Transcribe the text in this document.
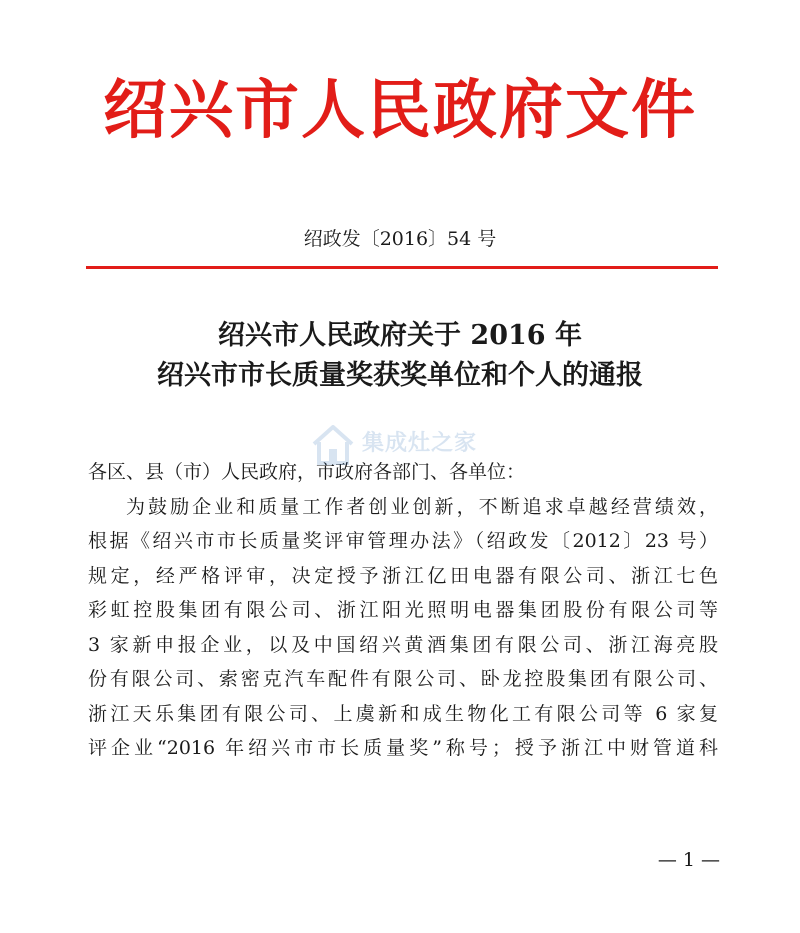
绍兴市人民政府文件
绍政发〔2016〕54 号
绍兴市人民政府关于 2016 年
绍兴市市长质量奖获奖单位和个人的通报

各区、县（市）人民政府，市政府各部门、各单位：

为鼓励企业和质量工作者创业创新，不断追求卓越经营绩效，

根据《绍兴市市长质量奖评审管理办法》（绍政发〔2012〕23 号）

规定，经严格评审，决定授予浙江亿田电器有限公司、浙江七色

彩虹控股集团有限公司、浙江阳光照明电器集团股份有限公司等

3 家新申报企业，以及中国绍兴黄酒集团有限公司、浙江海亮股

份有限公司、索密克汽车配件有限公司、卧龙控股集团有限公司、

浙江天乐集团有限公司、上虞新和成生物化工有限公司等 6 家复

评企业“2016 年绍兴市市长质量奖”称号；授予浙江中财管道科

集成灶之家
— 1 —
